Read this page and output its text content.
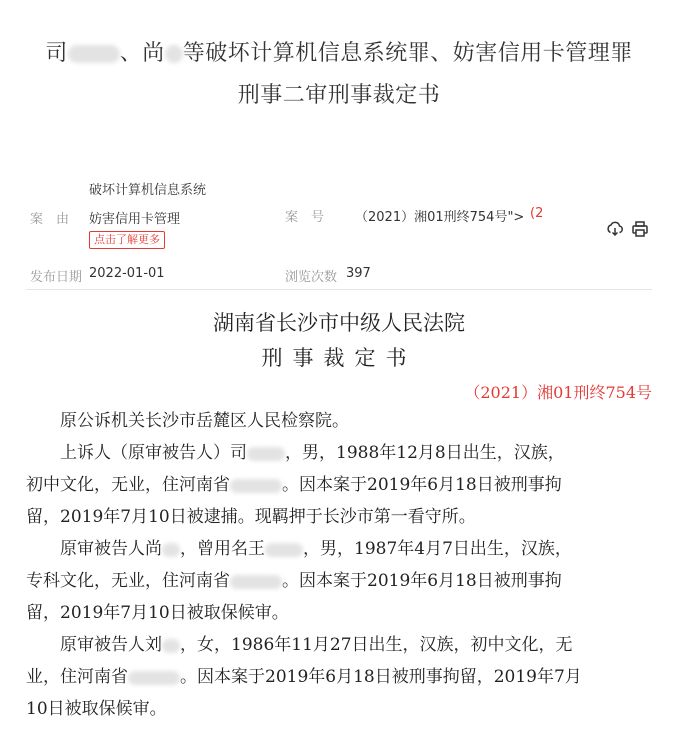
司 、尚 等破坏计算机信息系统罪、妨害信用卡管理罪
刑事二审刑事裁定书
案　由
破坏计算机信息系统
妨害信用卡管理
点击了解更多
案　号 （2021）湘01刑终754号"> (2
发布日期 2022-01-01	浏览次数 397
湖南省长沙市中级人民法院
刑事裁定书
（2021）湘01刑终754号

原公诉机关长沙市岳麓区人民检察院。

上诉人（原审被告人）司 ，男，1988年12月8日出生，汉族，

初中文化，无业，住河南省	。因本案于2019年6月18日被刑事拘

留，2019年7月10日被逮捕。现羁押于长沙市第一看守所。

原审被告人尚 ，曾用名王 ，男，1987年4月7日出生，汉族，

专科文化，无业，住河南省	。因本案于2019年6月18日被刑事拘

留，2019年7月10日被取保候审。

原审被告人刘 ，女，1986年11月27日出生，汉族，初中文化，无

业，住河南省	。因本案于2019年6月18日被刑事拘留，2019年7月

10日被取保候审。
